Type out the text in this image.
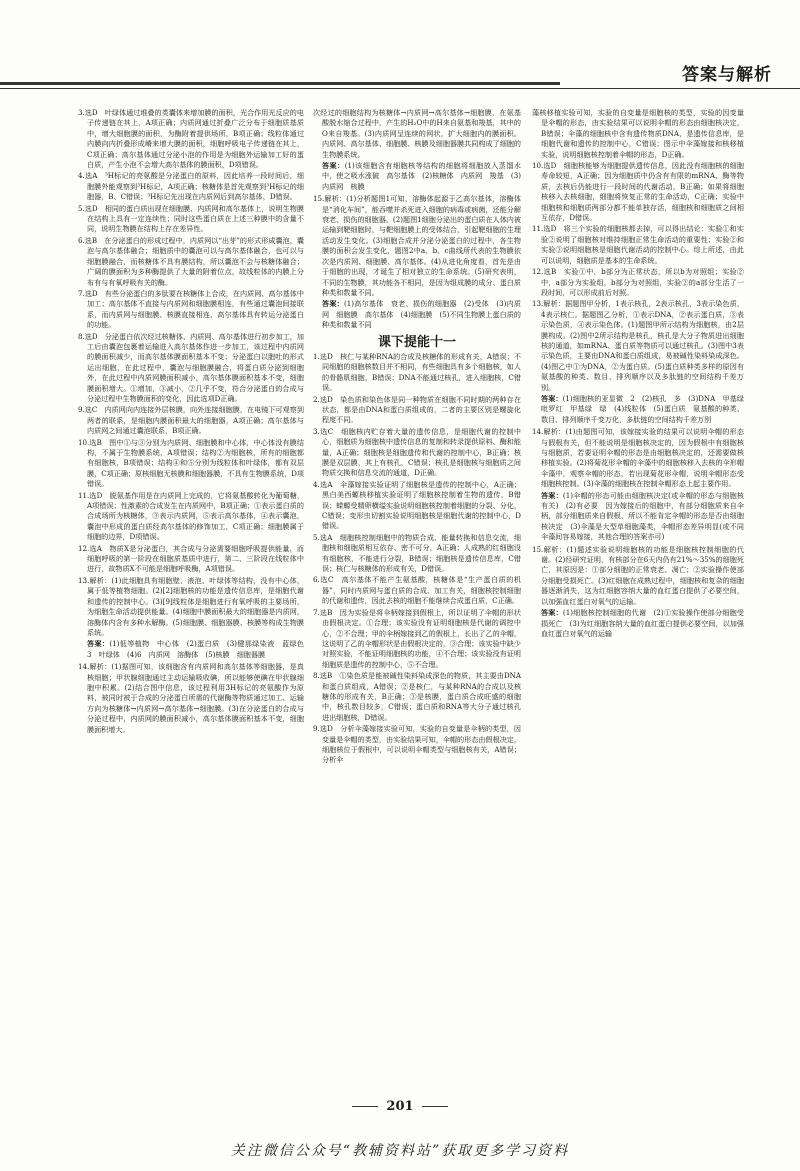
答案与解析
3.选D　叶绿体通过堆叠的类囊体来增加膜的面积，光合作用光反应的电子传递链在其上，A项正确；内质网通过折叠广泛分布于细胞质基质中，增大细胞膜的面积，为酶附着提供场所，B项正确；线粒体通过内膜向内折叠形成嵴来增大膜的面积，细胞呼吸电子传递链在其上，C项正确；高尔基体通过分泌小泡的作用是为细胞外运输加工好的蛋白质，产生小泡不会增大高尔基体的膜面积，D项错误。
4.选A　³H标记的亮氨酸是分泌蛋白的原料，因此培养一段时间后，细胞膜外能观察到³H标记，A项正确；核糖体是首先观察到³H标记的细胞器，B、C错误；³H标记先出现在内质网后到高尔基体，D错误。
5.选D　相同的蛋白质出现在细胞膜、内质网和高尔基体上，说明生物膜在结构上具有一定连续性；同时这些蛋白质在上述三种膜中的含量不同，说明生物膜在结构上存在差异性。
6.选B　在分泌蛋白的形成过程中，内质网以“出芽”的形式形成囊泡，囊泡与高尔基体融合；细胞质中的囊泡可以与高尔基体融合，也可以与细胞膜融合，而核糖体不具有膜结构，所以囊泡不会与核糖体融合；广阔的膜面积为多种酶提供了大量的附着位点，故线粒体的内膜上分布有与有氧呼吸有关的酶。
7.选D　有些分泌蛋白的多肽要在核糖体上合成，在内质网、高尔基体中加工；高尔基体不直接与内质网和细胞膜相连，有些通过囊泡间接联系，而内质网与细胞膜、核膜直接相连，高尔基体具有转运分泌蛋白的功能。
8.选D　分泌蛋白依次经过核糖体、内质网、高尔基体进行初步加工，加工后由囊泡包裹着运输进入高尔基体作进一步加工，该过程中内质网的膜面积减少，而高尔基体膜面积基本不变；分泌蛋白以胞吐的形式运出细胞，在此过程中，囊泡与细胞膜融合，将蛋白质分泌到细胞外，在此过程中内质网膜面积减小，高尔基体膜面积基本不变，细胞膜面积增大。①增加，③减小，②几乎不变，符合分泌蛋白的合成与分泌过程中生物膜面积的变化，因此选项D正确。
9.选C　内质网向内连接外层核膜，向外连接细胞膜，在电镜下可观察到两者的联系，是细胞内膜面积最大的细胞器，A项正确；高尔基体与内质网之间通过囊泡联系，B项正确。
10.选B　图中①与③分别为内质网、细胞膜和中心体，中心体没有膜结构，不属于生物膜系统，A项错误；结构②为细胞核，所有的细胞都有细胞核，B项错误；结构④和⑤分别为线粒体和叶绿体，都有双层膜，C项正确；原核细胞无核膜和细胞器膜，不具有生物膜系统，D项错误。
11.选D　脱氨基作用是在内质网上完成的，它将氨基酸转化为葡萄糖，A项错误；性激素的合成发生在内质网中，B项正确；①表示蛋白质的合成场所为核糖体，③表示内质网，⑤表示高尔基体，④表示囊泡，囊泡中形成的蛋白质经高尔基体的修饰加工，C项正确；细胞膜属于细胞的边界，D项错误。
12.选A　物质X是分泌蛋白，其合成与分泌需要细胞呼吸提供能量，而细胞呼吸的第一阶段在细胞质基质中进行，第二、三阶段在线粒体中进行，故物质X不可能是细胞呼吸酶，A项错误。
13.解析：(1)此细胞具有细胞壁、液泡、叶绿体等结构，没有中心体，属于低等植物细胞。(2)[2]细胞核的功能是遗传信息库，是细胞代谢和遗传的控制中心。(3)[9]线粒体是细胞进行有氧呼吸的主要场所，为细胞生命活动提供能量。(4)细胞中膜面积最大的细胞器是内质网，溶酶体内含有多种水解酶。(5)细胞膜、细胞器膜、核膜等构成生物膜系统。
答案：(1)低等植物　中心体　(2)蛋白质　(3)健那绿染液　蓝绿色　3　叶绿体　(4)6　内质网　溶酶体　(5)核膜　细胞器膜
14.解析：(1)据图可知，该细胞含有内质网和高尔基体等细胞器，是真核细胞；甲状腺细胞通过主动运输吸收碘，所以能够使碘在甲状腺细胞中积累。(2)结合图中信息，该过程利用3H标记的亮氨酸作为原料，被同时被于合成的分泌蛋白所需的代谢酶等物质通过加工、运输方向为核糖体→内质网→高尔基体→细胞膜。(3)在分泌蛋白的合成与分泌过程中，内质网的膜面积减小，高尔基体膜面积基本不变，细胞膜面积增大。
次经过的细胞结构为核糖体→内质网→高尔基体→细胞膜，在氨基酸脱水缩合过程中，产生的H₂O中的H来自氨基和羧基，其中的O来自羧基。(3)内质网呈连续的网状，扩大细胞内的膜面积。内质网、高尔基体、细胞膜、核膜及细胞器膜共同构成了细胞的生物膜系统。
答案：(1)该细胞含有细胞核等结构的细胞将细胞放入蒸馏水中，使之吸水涨破　高尔基体　(2)核糖体　内质网　羧基　(3)内质网　核膜
15.解析：(1)分析题图1可知，溶酶体起源于乙高尔基体，溶酶体是“消化车间”，能吞噬并杀死进入细胞的病毒或病菌，还能分解衰老、损伤的细胞器。(2)题图1细胞分泌出的蛋白质在人体内被运输到靶细胞时，与靶细胞膜上的受体结合，引起靶细胞的生理活动发生变化。(3)细胞合成并分泌分泌蛋白的过程中，各生物膜的面积会发生变化，题图2中a、b、c曲线所代表的生物膜依次是内质网、细胞膜、高尔基体。(4)从进化角度看，首先是由于细胞的出现，才诞生了相对独立的生命系统。(5)研究表明，不同的生物膜，其功能各不相同，是因为组成膜的成分、蛋白质种类和数量不同。
答案：(1)高尔基体　衰老、损伤的细胞器　(2)受体　(3)内质网　细胞膜　高尔基体　(4)细胞膜　(5)不同生物膜上蛋白质的种类和数量不同
课下提能十一
1.选D　核仁与某种RNA的合成及核糖体的形成有关，A错误；不同细胞的细胞核数目并不相同，有些细胞具有多个细胞核，如人的骨骼肌细胞，B错误；DNA不能通过核孔，进入细胞核，C错误。
2.选D　染色质和染色体是同一种物质在细胞不同时期的两种存在状态，都是由DNA和蛋白质组成的，二者的主要区别是螺旋化程度不同。
3.选C　细胞核内贮存着大量的遗传信息，是细胞代谢的控制中心，细胞质为细胞核中遗传信息的复制和转录提供原料、酶和能量，A正确；细胞核是细胞遗传和代谢的控制中心，B正确；核膜是双层膜，其上有核孔，C错误；核孔是细胞核与细胞质之间物质交换和信息交流的通道，D正确。
4.选A　伞藻嫁接实验证明了细胞核是遗传的控制中心，A正确；黑白美西螈核移植实验证明了细胞核控制着生物的遗传，B错误；蝾螈受精卵横缢实验说明细胞核控制着细胞的分裂、分化，C错误；变形虫切割实验说明细胞核是细胞代谢的控制中心，D错误。
5.选A　细胞核控制细胞中的物质合成、能量转换和信息交流，细胞核和细胞质相互依存、密不可分，A正确；人成熟的红细胞没有细胞核，不能进行分裂，B错误；细胞核是遗传信息库，C错误；核仁与核糖体的形成有关，D错误。
6.选C　高尔基体不能产生氨基酸，核糖体是“生产蛋白质的机器”，同时内质网与蛋白质的合成、加工有关，细胞核控制细胞的代谢和遗传，因此去核的细胞不能继续合成蛋白质，C正确。
7.选B　因为实验是将伞柄嫁接到假根上，所以证明了伞帽的形状由假根决定。①合理；该实验没有证明细胞核是代谢的调控中心，②不合理；甲的伞柄嫁接到乙的假根上，长出了乙的伞帽，这说明了乙的伞帽形状是由假根决定的，③合理；该实验中缺少对照实验，不能证明细胞核的功能，④不合理；该实验没有证明细胞质是遗传的控制中心，⑤不合理。
8.选B　①染色质是能被碱性染料染成深色的物质，其主要由DNA和蛋白质组成，A错误；②是核仁，与某种RNA的合成以及核糖体的形成有关，B正确；③是核膜，蛋白质合成旺盛的细胞中，核孔数目较多，C错误；蛋白质和RNA等大分子通过核孔进出细胞核，D错误。
9.选D　分析伞藻嫁接实验可知，实验的自变量是伞柄的类型，因变量是伞帽的类型，由实验结果可知，伞帽的形态由假根决定，细胞核位于假根中，可以说明伞帽类型与细胞核有关，A错误；分析伞
藻核移植实验可知，实验的自变量是细胞核的类型，实验的因变量是伞帽的形态，由实验结果可以说明伞帽的形态由细胞核决定，B错误；伞藻的细胞核中含有遗传物质DNA，是遗传信息库，是细胞代谢和遗传的控制中心，C错误；图示中伞藻嫁接和核移植实验，说明细胞核控制着伞帽的形态，D正确。
10.选D　细胞核能够为细胞提供遗传信息，因此没有细胞核的细胞寿命较短，A正确；因为细胞质中仍含有有限的mRNA、酶等物质，去核后仍能进行一段时间的代谢活动，B正确；如果将细胞核移入去核细胞，细胞将恢复正常的生命活动，C正确；实验中细胞核和细胞质两部分都不能单独存活，细胞核和细胞质之间相互依存，D错误。
11.选D　将三个实验的细胞核都去掉，可以得出结论：实验①和实验②说明了细胞核对维持细胞正常生命活动的重要性；实验②和实验③说明细胞核是细胞代谢活动的控制中心。综上所述，由此可以说明，细胞质是基本的生命系统。
12.选B　实验①中，b部分为正常状态，所以b为对照组；实验②中，a部分为实验组，b部分为对照组，实验②的a部分生活了一段时间，可以形成前后对照。
13.解析：据题图甲分析，1表示核孔，2表示核孔，3表示染色质，4表示核仁。据题图乙分析，①表示DNA，②表示蛋白质，③表示染色质，④表示染色体。(1)题图甲所示结构为细胞核，由2层膜构成。(2)图中2所示结构是核孔，核孔是大分子物质进出细胞核的通道，如mRNA、蛋白质等物质可以通过核孔。(3)图中3表示染色质，主要由DNA和蛋白质组成，易被碱性染料染成深色。(4)图乙中①为DNA，②为蛋白质。(5)蛋白质种类多样的原因有氨基酸的种类、数目、排列顺序以及多肽链的空间结构千差万别。
答案：(1)细胞核的亚显微　2　(2)核孔　多　(3)DNA　甲基绿吡罗红　甲基绿　绿　(4)线粒体　(5)蛋白质　氨基酸的种类、数目、排列顺序千变万化，多肽链的空间结构千差万别
14.解析：(1)由题图可知，该嫁接实验的结果可以说明伞帽的形态与假根有关，但不能说明是细胞核决定的，因为假根中有细胞核与细胞质，若要证明伞帽的形态是由细胞核决定的，还需要做核移植实验。(2)将菊花形伞帽的伞藻中的细胞核移入去核的伞形帽伞藻中，观察伞帽的形态，若出现菊花形伞帽，说明伞帽形态受细胞核控制。(3)伞藻的细胞核在控制伞帽形态上起主要作用。
答案：(1)伞帽的形态可能由细胞核决定(或伞帽的形态与细胞核有关)　(2)有必要　因为嫁接后的细胞中，有部分细胞质来自伞柄，部分细胞质来自假根，所以不能肯定伞帽的形态是否由细胞核决定　(3)伞藻是大型单细胞藻类，伞帽形态差异明显(或不同伞藻间容易嫁接，其他合理的答案亦可)
15.解析：(1)题述实验说明细胞核的功能是细胞核控制细胞的代谢。(2)经研究证明，有核部分在6天内仍有21%～35%的细胞死亡，其原因是：①部分细胞的正常衰老、凋亡；②实验操作使部分细胞受损死亡。(3)红细胞在成熟过程中，细胞核和复杂的细胞器逐渐消失，这为红细胞容纳大量的血红蛋白提供了必要空间，以加强血红蛋白对氧气的运输。
答案：(1)细胞核控制细胞的代谢　(2)①实验操作使部分细胞受损死亡　(3)为红细胞容纳大量的血红蛋白提供必要空间，以加强血红蛋白对氧气的运输
201
关注微信公众号“教辅资料站”获取更多学习资料
